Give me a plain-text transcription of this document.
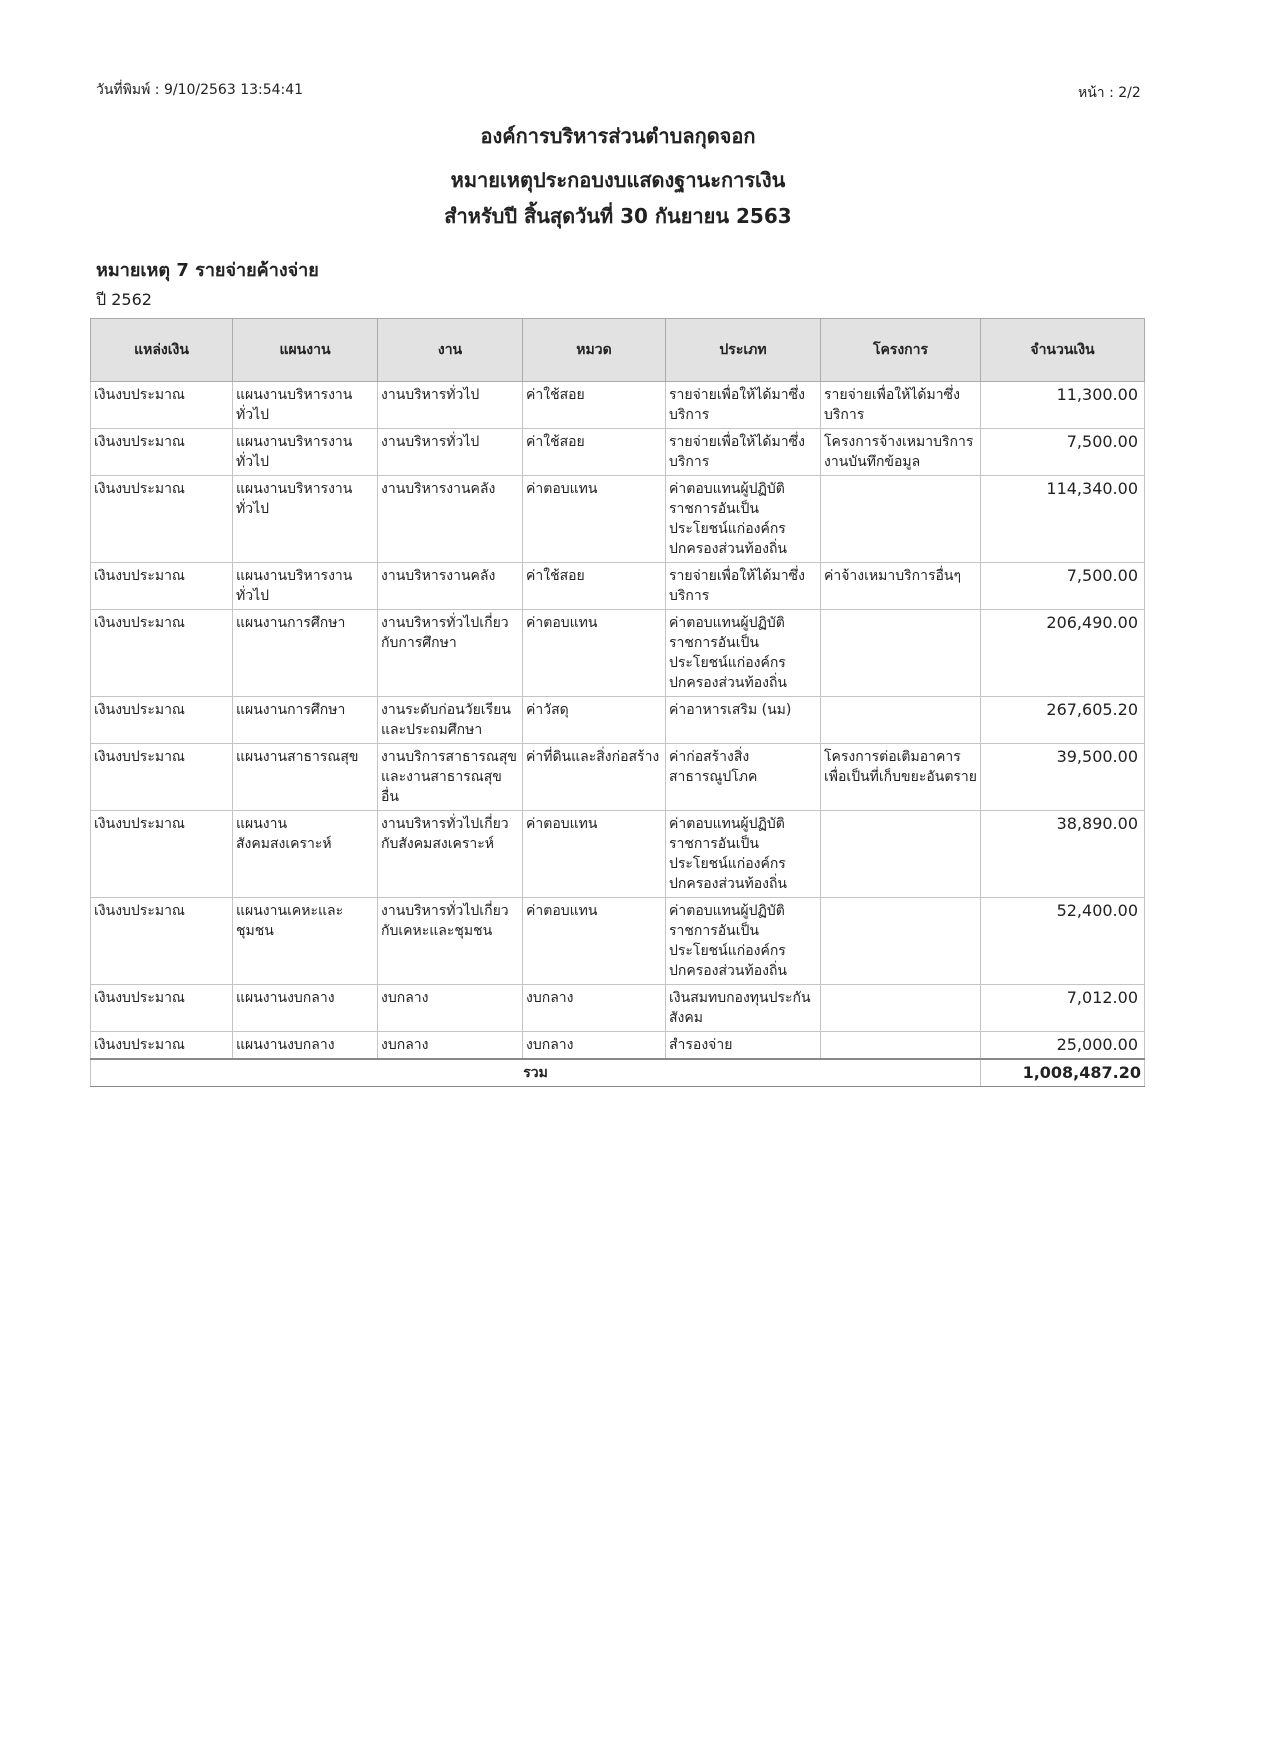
วันที่พิมพ์ : 9/10/2563 13:54:41	หน้า : 2/2
องค์การบริหารส่วนตำบลกุดจอก
หมายเหตุประกอบงบแสดงฐานะการเงิน
สำหรับปี สิ้นสุดวันที่ 30 กันยายน 2563
หมายเหตุ 7 รายจ่ายค้างจ่าย
ปี 2562
แหล่งเงิน	แผนงาน	งาน	หมวด	ประเภท	โครงการ	จำนวนเงิน
เงินงบประมาณ	แผนงานบริหารงานทั่วไป	งานบริหารทั่วไป	ค่าใช้สอย	รายจ่ายเพื่อให้ได้มาซึ่งบริการ	รายจ่ายเพื่อให้ได้มาซึ่งบริการ	11,300.00
เงินงบประมาณ	แผนงานบริหารงานทั่วไป	งานบริหารทั่วไป	ค่าใช้สอย	รายจ่ายเพื่อให้ได้มาซึ่งบริการ	โครงการจ้างเหมาบริการงานบันทึกข้อมูล	7,500.00
เงินงบประมาณ	แผนงานบริหารงานทั่วไป	งานบริหารงานคลัง	ค่าตอบแทน	ค่าตอบแทนผู้ปฏิบัติราชการอันเป็นประโยชน์แก่องค์กรปกครองส่วนท้องถิ่น		114,340.00
เงินงบประมาณ	แผนงานบริหารงานทั่วไป	งานบริหารงานคลัง	ค่าใช้สอย	รายจ่ายเพื่อให้ได้มาซึ่งบริการ	ค่าจ้างเหมาบริการอื่นๆ	7,500.00
เงินงบประมาณ	แผนงานการศึกษา	งานบริหารทั่วไปเกี่ยวกับการศึกษา	ค่าตอบแทน	ค่าตอบแทนผู้ปฏิบัติราชการอันเป็นประโยชน์แก่องค์กรปกครองส่วนท้องถิ่น		206,490.00
เงินงบประมาณ	แผนงานการศึกษา	งานระดับก่อนวัยเรียนและประถมศึกษา	ค่าวัสดุ	ค่าอาหารเสริม (นม)		267,605.20
เงินงบประมาณ	แผนงานสาธารณสุข	งานบริการสาธารณสุขและงานสาธารณสุขอื่น	ค่าที่ดินและสิ่งก่อสร้าง	ค่าก่อสร้างสิ่งสาธารณูปโภค	โครงการต่อเติมอาคารเพื่อเป็นที่เก็บขยะอันตราย	39,500.00
เงินงบประมาณ	แผนงานสังคมสงเคราะห์	งานบริหารทั่วไปเกี่ยวกับสังคมสงเคราะห์	ค่าตอบแทน	ค่าตอบแทนผู้ปฏิบัติราชการอันเป็นประโยชน์แก่องค์กรปกครองส่วนท้องถิ่น		38,890.00
เงินงบประมาณ	แผนงานเคหะและชุมชน	งานบริหารทั่วไปเกี่ยวกับเคหะและชุมชน	ค่าตอบแทน	ค่าตอบแทนผู้ปฏิบัติราชการอันเป็นประโยชน์แก่องค์กรปกครองส่วนท้องถิ่น		52,400.00
เงินงบประมาณ	แผนงานงบกลาง	งบกลาง	งบกลาง	เงินสมทบกองทุนประกันสังคม		7,012.00
เงินงบประมาณ	แผนงานงบกลาง	งบกลาง	งบกลาง	สำรองจ่าย		25,000.00
รวม						1,008,487.20
